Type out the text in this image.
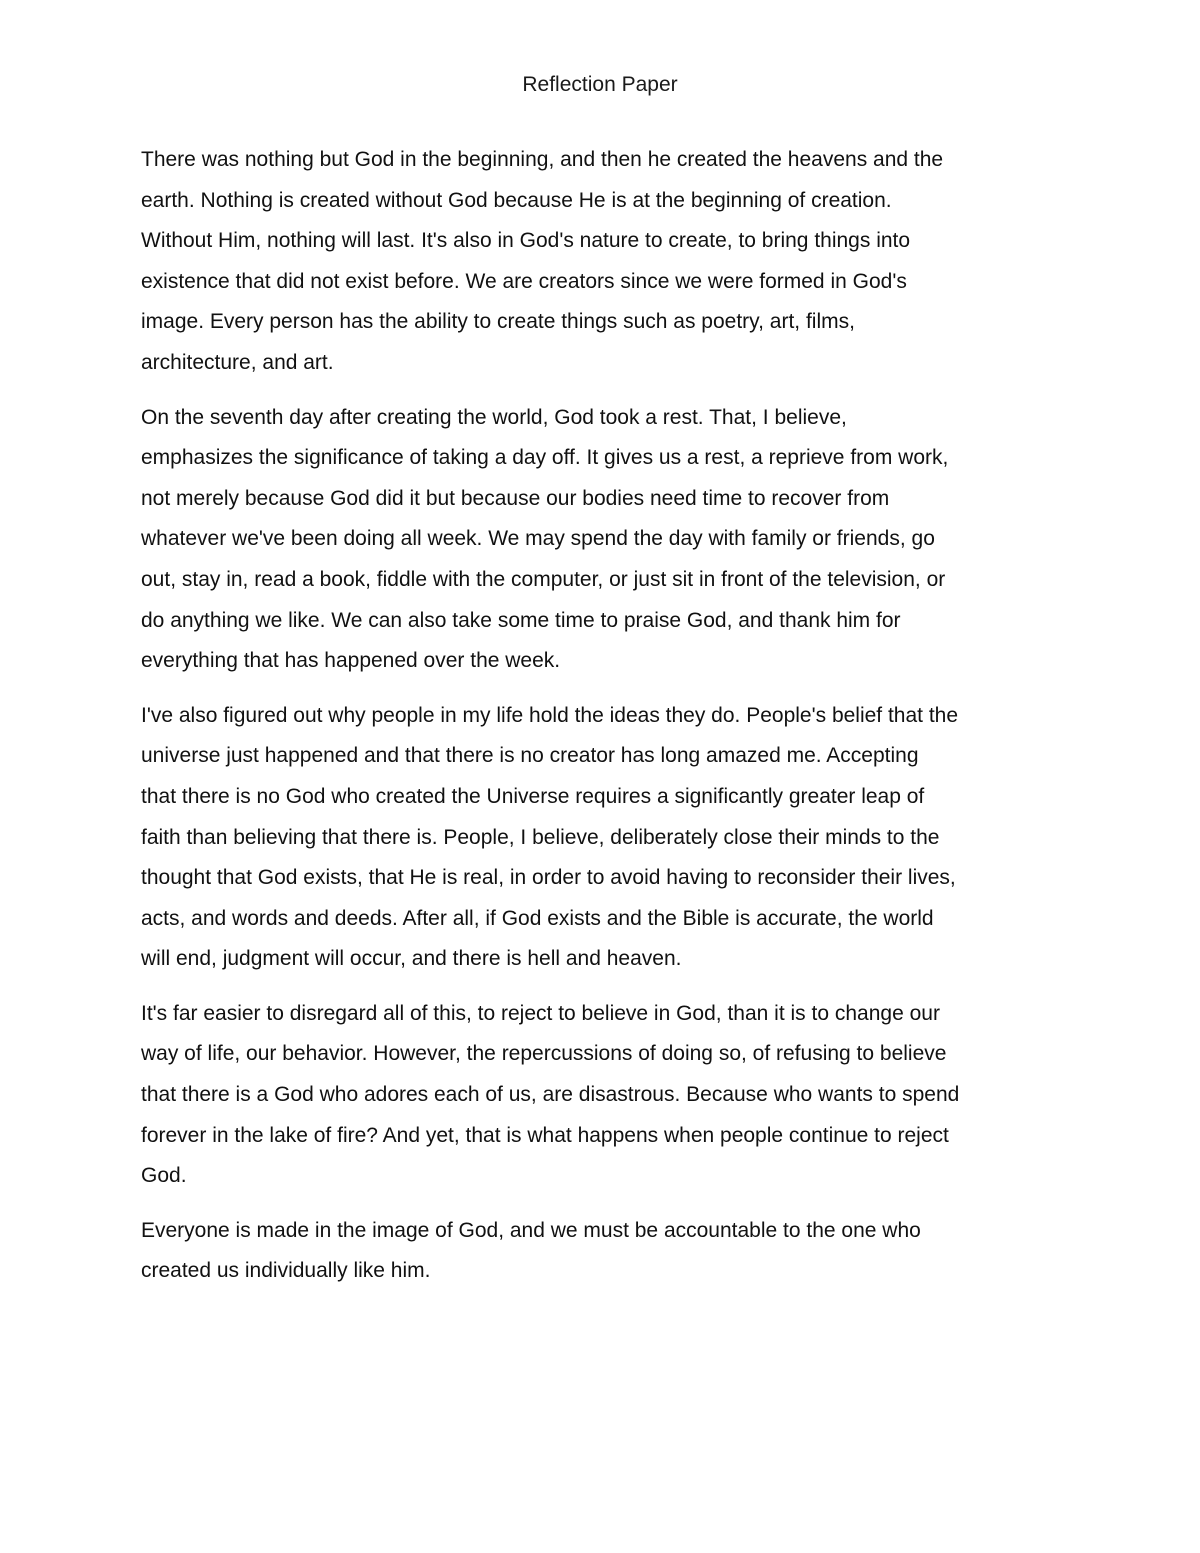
Reflection Paper

There was nothing but God in the beginning, and then he created the heavens and the
earth. Nothing is created without God because He is at the beginning of creation.
Without Him, nothing will last. It's also in God's nature to create, to bring things into
existence that did not exist before. We are creators since we were formed in God's
image. Every person has the ability to create things such as poetry, art, films,
architecture, and art.

On the seventh day after creating the world, God took a rest. That, I believe,
emphasizes the significance of taking a day off. It gives us a rest, a reprieve from work,
not merely because God did it but because our bodies need time to recover from
whatever we've been doing all week. We may spend the day with family or friends, go
out, stay in, read a book, fiddle with the computer, or just sit in front of the television, or
do anything we like. We can also take some time to praise God, and thank him for
everything that has happened over the week.

I've also figured out why people in my life hold the ideas they do. People's belief that the
universe just happened and that there is no creator has long amazed me. Accepting
that there is no God who created the Universe requires a significantly greater leap of
faith than believing that there is. People, I believe, deliberately close their minds to the
thought that God exists, that He is real, in order to avoid having to reconsider their lives,
acts, and words and deeds. After all, if God exists and the Bible is accurate, the world
will end, judgment will occur, and there is hell and heaven.

It's far easier to disregard all of this, to reject to believe in God, than it is to change our
way of life, our behavior. However, the repercussions of doing so, of refusing to believe
that there is a God who adores each of us, are disastrous. Because who wants to spend
forever in the lake of fire? And yet, that is what happens when people continue to reject
God.

Everyone is made in the image of God, and we must be accountable to the one who
created us individually like him.
